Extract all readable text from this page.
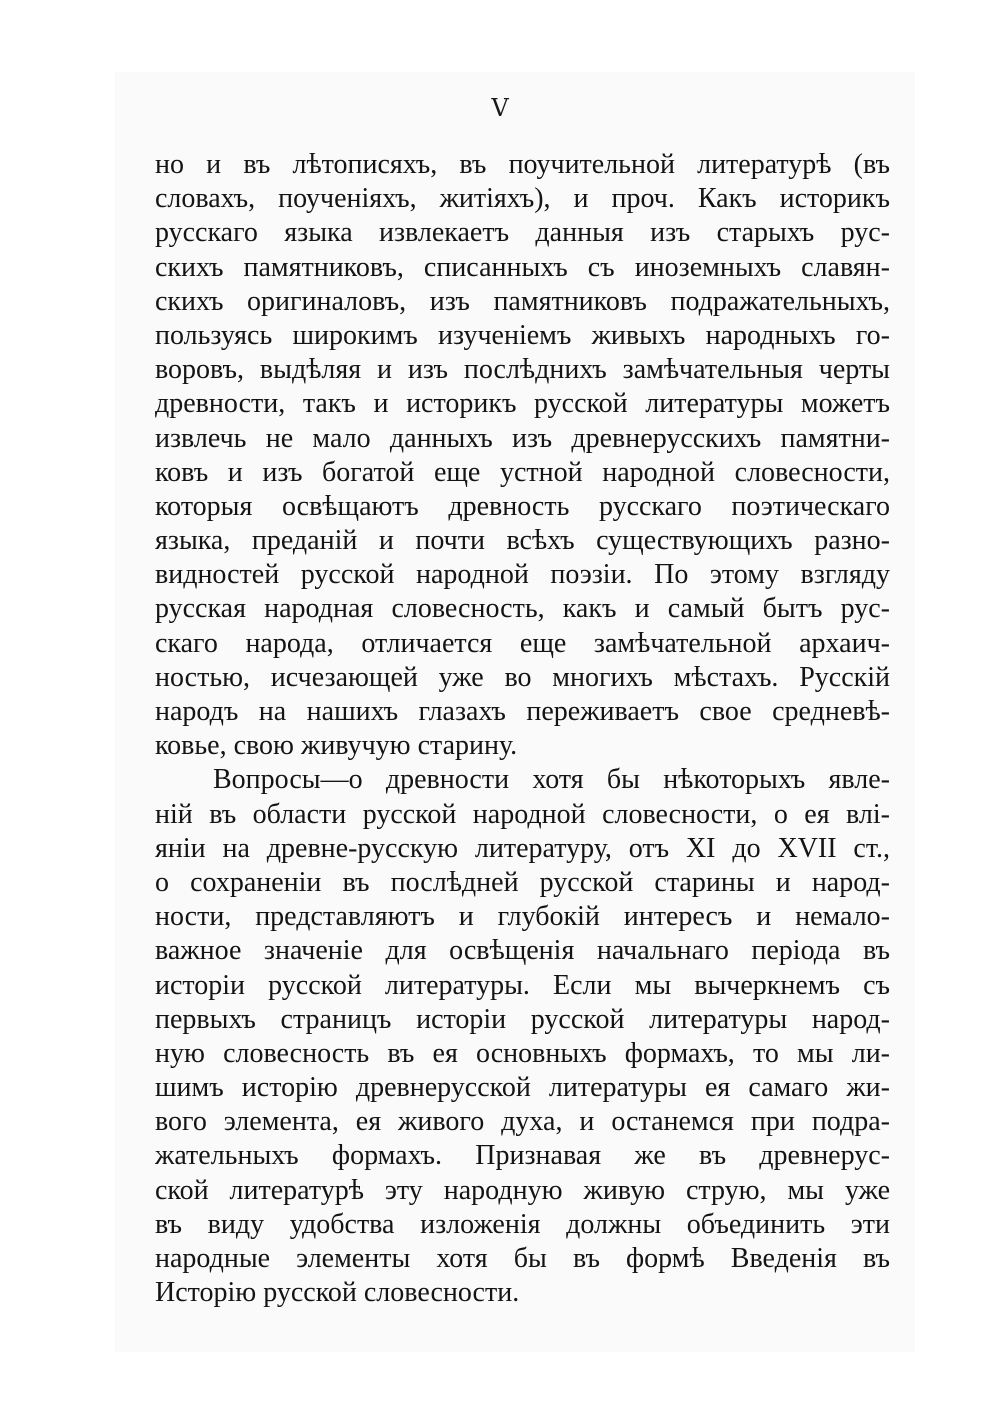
V
но и въ лѣтописяхъ, въ поучительной литературѣ (въ
словахъ, поученіяхъ, житіяхъ), и проч. Какъ историкъ
русскаго языка извлекаетъ данныя изъ старыхъ рус-
скихъ памятниковъ, списанныхъ съ иноземныхъ славян-
скихъ оригиналовъ, изъ памятниковъ подражательныхъ,
пользуясь широкимъ изученіемъ живыхъ народныхъ го-
воровъ, выдѣляя и изъ послѣднихъ замѣчательныя черты
древности, такъ и историкъ русской литературы можетъ
извлечь не мало данныхъ изъ древнерусскихъ памятни-
ковъ и изъ богатой еще устной народной словесности,
которыя освѣщаютъ древность русскаго поэтическаго
языка, преданій и почти всѣхъ существующихъ разно-
видностей русской народной поэзіи. По этому взгляду
русская народная словесность, какъ и самый бытъ рус-
скаго народа, отличается еще замѣчательной архаич-
ностью, исчезающей уже во многихъ мѣстахъ. Русскій
народъ на нашихъ глазахъ переживаетъ свое средневѣ-
ковье, свою живучую старину.
Вопросы—о древности хотя бы нѣкоторыхъ явле-
ній въ области русской народной словесности, о ея влі-
яніи на древне-русскую литературу, отъ XI до XVII ст.,
о сохраненіи въ послѣдней русской старины и народ-
ности, представляютъ и глубокій интересъ и немало-
важное значеніе для освѣщенія начальнаго періода въ
исторіи русской литературы. Если мы вычеркнемъ съ
первыхъ страницъ исторіи русской литературы народ-
ную словесность въ ея основныхъ формахъ, то мы ли-
шимъ исторію древнерусской литературы ея самаго жи-
вого элемента, ея живого духа, и останемся при подра-
жательныхъ формахъ. Признавая же въ древнерус-
ской литературѣ эту народную живую струю, мы уже
въ виду удобства изложенія должны объединить эти
народные элементы хотя бы въ формѣ Введенія въ
Исторію русской словесности.
